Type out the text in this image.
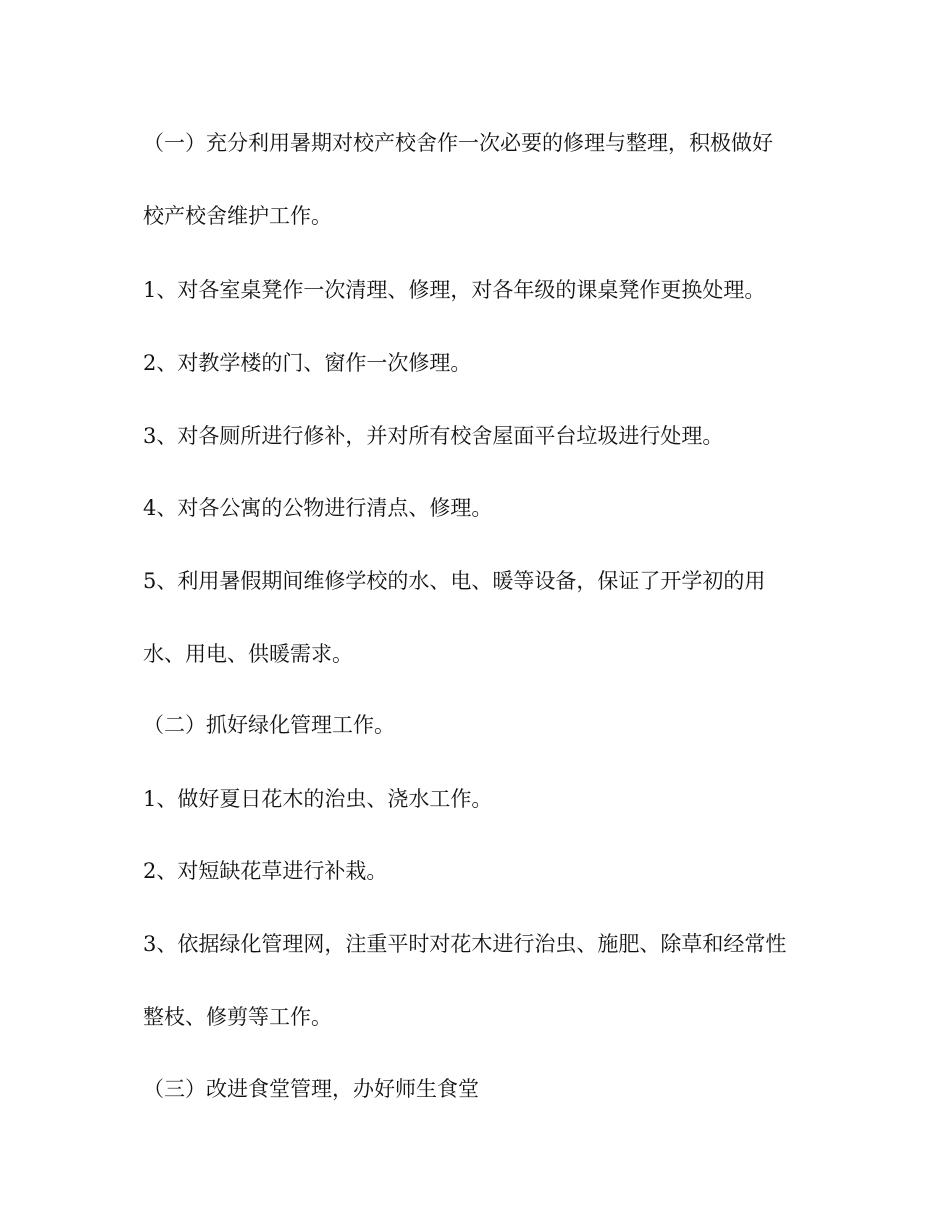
（一）充分利用暑期对校产校舍作一次必要的修理与整理，积极做好
校产校舍维护工作。
1、对各室桌凳作一次清理、修理，对各年级的课桌凳作更换处理。
2、对教学楼的门、窗作一次修理。
3、对各厕所进行修补，并对所有校舍屋面平台垃圾进行处理。
4、对各公寓的公物进行清点、修理。
5、利用暑假期间维修学校的水、电、暖等设备，保证了开学初的用
水、用电、供暖需求。
（二）抓好绿化管理工作。
1、做好夏日花木的治虫、浇水工作。
2、对短缺花草进行补栽。
3、依据绿化管理网，注重平时对花木进行治虫、施肥、除草和经常性
整枝、修剪等工作。
（三）改进食堂管理，办好师生食堂
